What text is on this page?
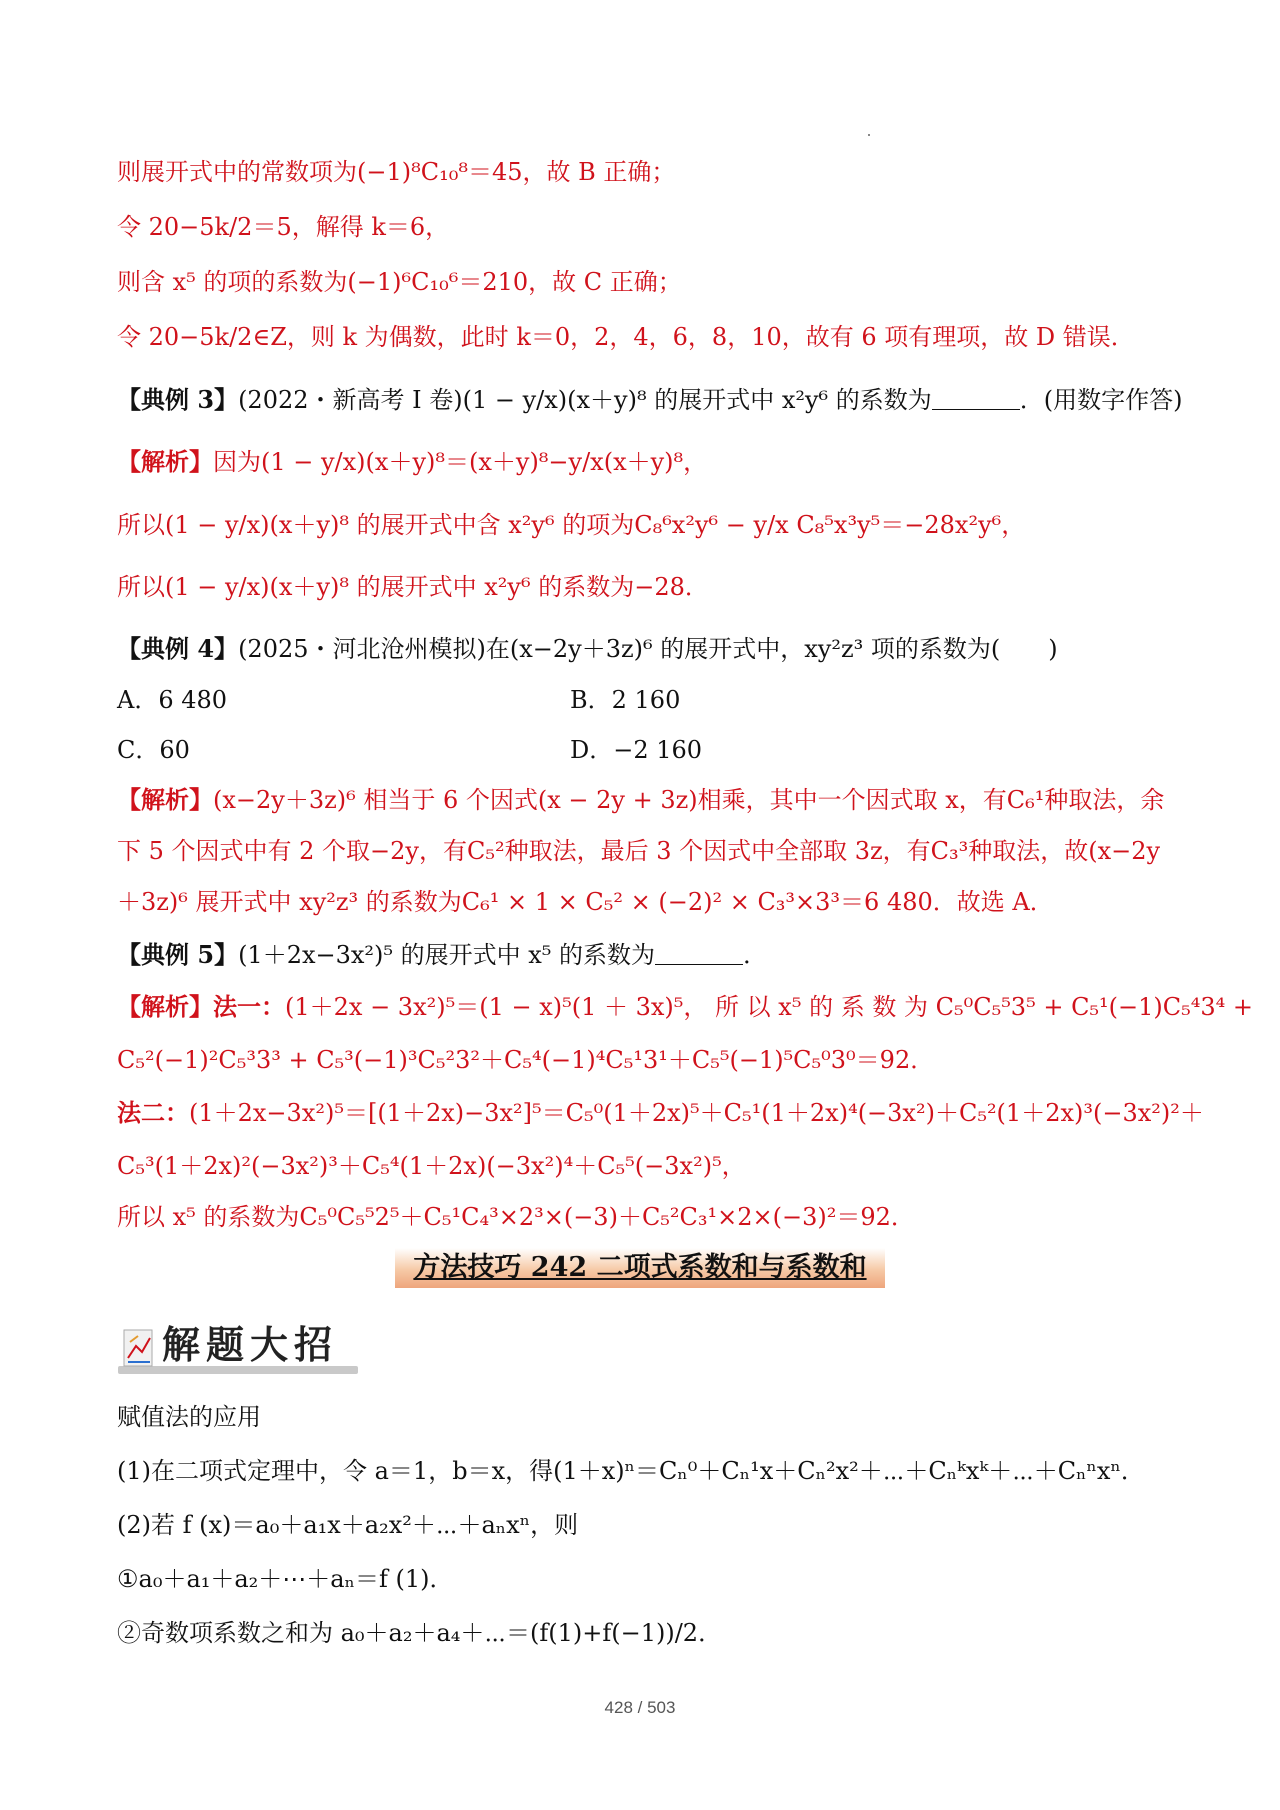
则展开式中的常数项为(−1)⁸C₁₀⁸＝45，故 B 正确；
令 20−5k/2＝5，解得 k＝6，
则含 x⁵ 的项的系数为(−1)⁶C₁₀⁶＝210，故 C 正确；
令 20−5k/2∈Z，则 k 为偶数，此时 k＝0，2，4，6，8，10，故有 6 项有理项，故 D 错误．
【典例 3】(2022・新高考 Ⅰ 卷)(1 − y/x)(x＋y)⁸ 的展开式中 x²y⁶ 的系数为	．(用数字作答)
【解析】因为(1 − y/x)(x＋y)⁸＝(x＋y)⁸−y/x(x＋y)⁸，
所以(1 − y/x)(x＋y)⁸ 的展开式中含 x²y⁶ 的项为C₈⁶x²y⁶ − y/x C₈⁵x³y⁵＝−28x²y⁶，
所以(1 − y/x)(x＋y)⁸ 的展开式中 x²y⁶ 的系数为−28．
【典例 4】(2025・河北沧州模拟)在(x−2y＋3z)⁶ 的展开式中，xy²z³ 项的系数为(　　)
A．6 480	B．2 160
C．60	D．−2 160
【解析】(x−2y＋3z)⁶ 相当于 6 个因式(x − 2y + 3z)相乘，其中一个因式取 x，有C₆¹种取法，余
下 5 个因式中有 2 个取−2y，有C₅²种取法，最后 3 个因式中全部取 3z，有C₃³种取法，故(x−2y
＋3z)⁶ 展开式中 xy²z³ 的系数为C₆¹ × 1 × C₅² × (−2)² × C₃³×3³＝6 480．故选 A．
【典例 5】(1＋2x−3x²)⁵ 的展开式中 x⁵ 的系数为	．
【解析】法一：(1＋2x − 3x²)⁵＝(1 − x)⁵(1 ＋ 3x)⁵， 所 以 x⁵ 的 系 数 为 C₅⁰C₅⁵3⁵ + C₅¹(−1)C₅⁴3⁴ +
C₅²(−1)²C₅³3³ + C₅³(−1)³C₅²3²＋C₅⁴(−1)⁴C₅¹3¹＋C₅⁵(−1)⁵C₅⁰3⁰＝92．
法二：(1＋2x−3x²)⁵＝[(1＋2x)−3x²]⁵＝C₅⁰(1＋2x)⁵＋C₅¹(1＋2x)⁴(−3x²)＋C₅²(1＋2x)³(−3x²)²＋
C₅³(1＋2x)²(−3x²)³＋C₅⁴(1＋2x)(−3x²)⁴＋C₅⁵(−3x²)⁵，
所以 x⁵ 的系数为C₅⁰C₅⁵2⁵＋C₅¹C₄³×2³×(−3)＋C₅²C₃¹×2×(−3)²＝92．
方法技巧 242 二项式系数和与系数和
解题大招
赋值法的应用
(1)在二项式定理中，令 a＝1，b＝x，得(1＋x)ⁿ＝Cₙ⁰＋Cₙ¹x＋Cₙ²x²＋⋯＋Cₙᵏxᵏ＋⋯＋Cₙⁿxⁿ．
(2)若 f (x)＝a₀＋a₁x＋a₂x²＋⋯＋aₙxⁿ，则
①a₀＋a₁＋a₂＋⋯＋aₙ＝f (1)．
②奇数项系数之和为 a₀＋a₂＋a₄＋⋯＝(f(1)+f(−1))/2．
428 / 503
